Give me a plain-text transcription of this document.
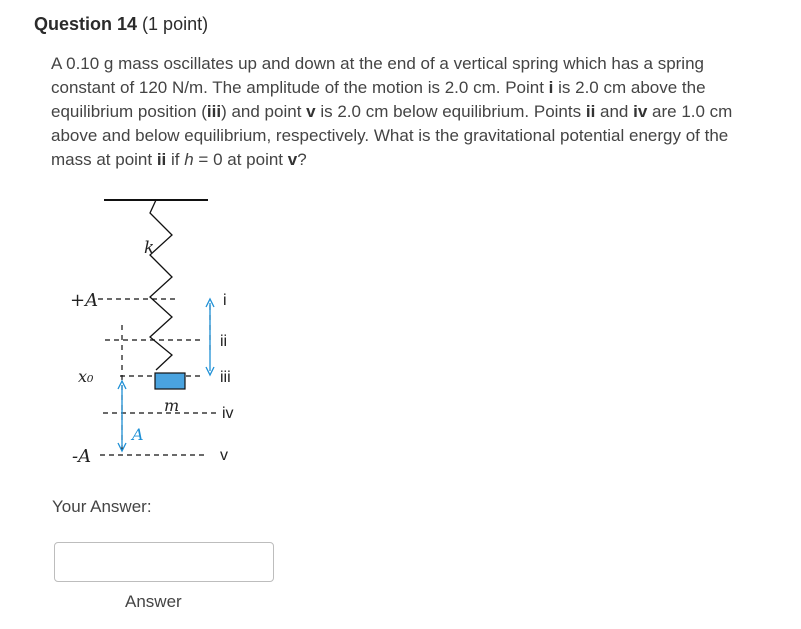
Question 14 (1 point)
A 0.10 g mass oscillates up and down at the end of a vertical spring which has a spring constant of 120 N/m. The amplitude of the motion is 2.0 cm. Point i is 2.0 cm above the equilibrium position (iii) and point v is 2.0 cm below equilibrium. Points ii and iv are 1.0 cm above and below equilibrium, respectively. What is the gravitational potential energy of the mass at point ii if h = 0 at point v?
k
m
A
+A
x₀
-A
i
ii
iii
iv
v
Your Answer:
Answer
